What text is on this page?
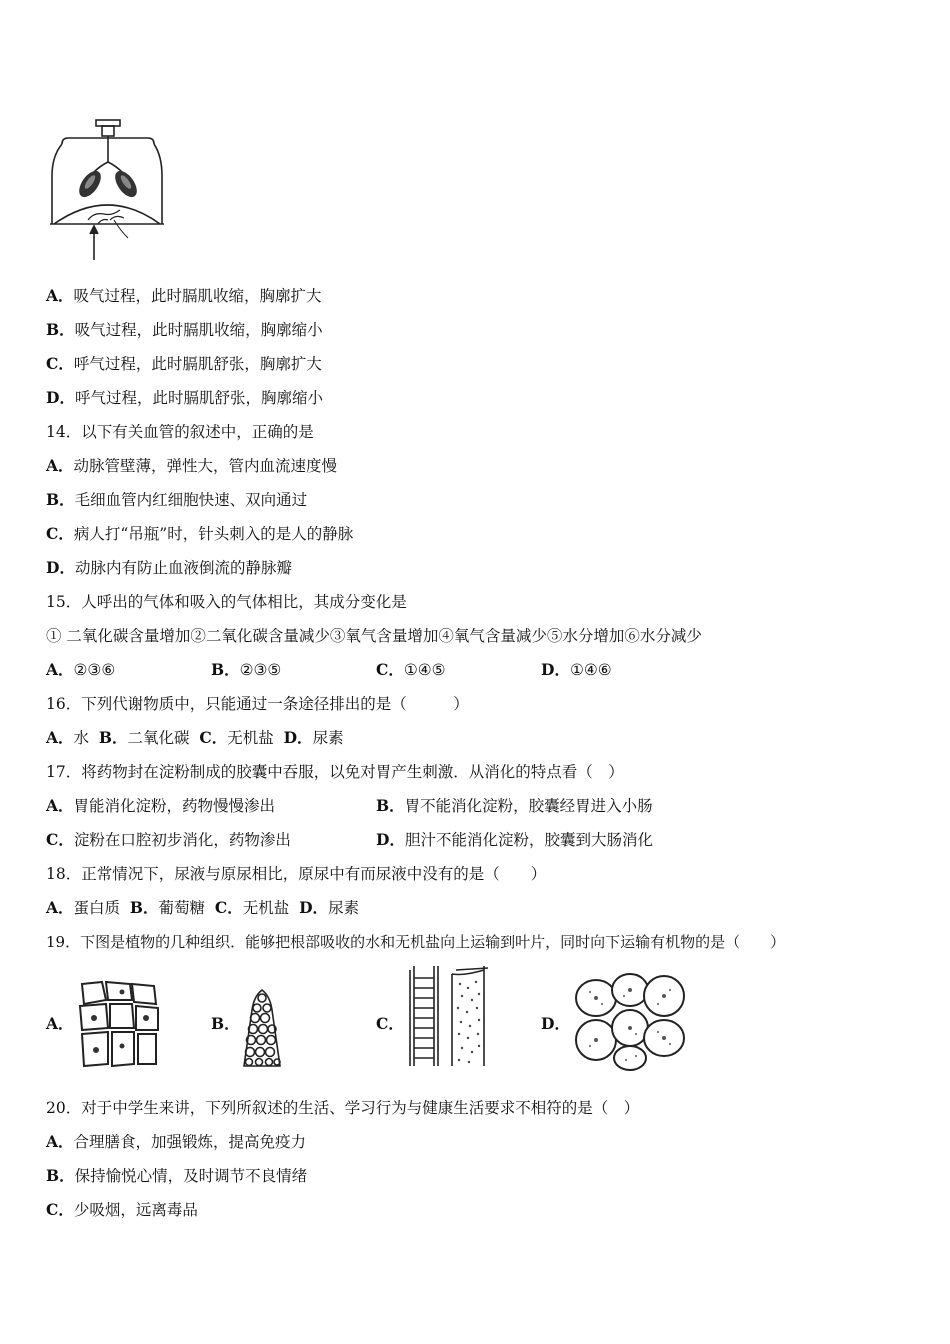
A．吸气过程，此时膈肌收缩，胸廓扩大
B．吸气过程，此时膈肌收缩，胸廓缩小
C．呼气过程，此时膈肌舒张，胸廓扩大
D．呼气过程，此时膈肌舒张，胸廓缩小
14．以下有关血管的叙述中，正确的是
A．动脉管壁薄，弹性大，管内血流速度慢
B．毛细血管内红细胞快速、双向通过
C．病人打“吊瓶”时，针头刺入的是人的静脉
D．动脉内有防止血液倒流的静脉瓣
15．人呼出的气体和吸入的气体相比，其成分变化是
① 二氧化碳含量增加②二氧化碳含量减少③氧气含量增加④氧气含量减少⑤水分增加⑥水分减少
A．②③⑥	B．②③⑤	C．①④⑤	D．①④⑥
16．下列代谢物质中，只能通过一条途径排出的是（　　　）
A．水 B．二氧化碳 C．无机盐 D．尿素
17．将药物封在淀粉制成的胶囊中吞服，以免对胃产生刺激．从消化的特点看（　）
A．胃能消化淀粉，药物慢慢渗出	B．胃不能消化淀粉，胶囊经胃进入小肠
C．淀粉在口腔初步消化，药物渗出	D．胆汁不能消化淀粉，胶囊到大肠消化
18．正常情况下，尿液与原尿相比，原尿中有而尿液中没有的是（　　）
A．蛋白质 B．葡萄糖 C．无机盐 D．尿素
19．下图是植物的几种组织．能够把根部吸收的水和无机盐向上运输到叶片，同时向下运输有机物的是（　　）
A．	B．	C．	D．
20．对于中学生来讲，下列所叙述的生活、学习行为与健康生活要求不相符的是（　）
A．合理膳食，加强锻炼，提高免疫力
B．保持愉悦心情，及时调节不良情绪
C．少吸烟，远离毒品
